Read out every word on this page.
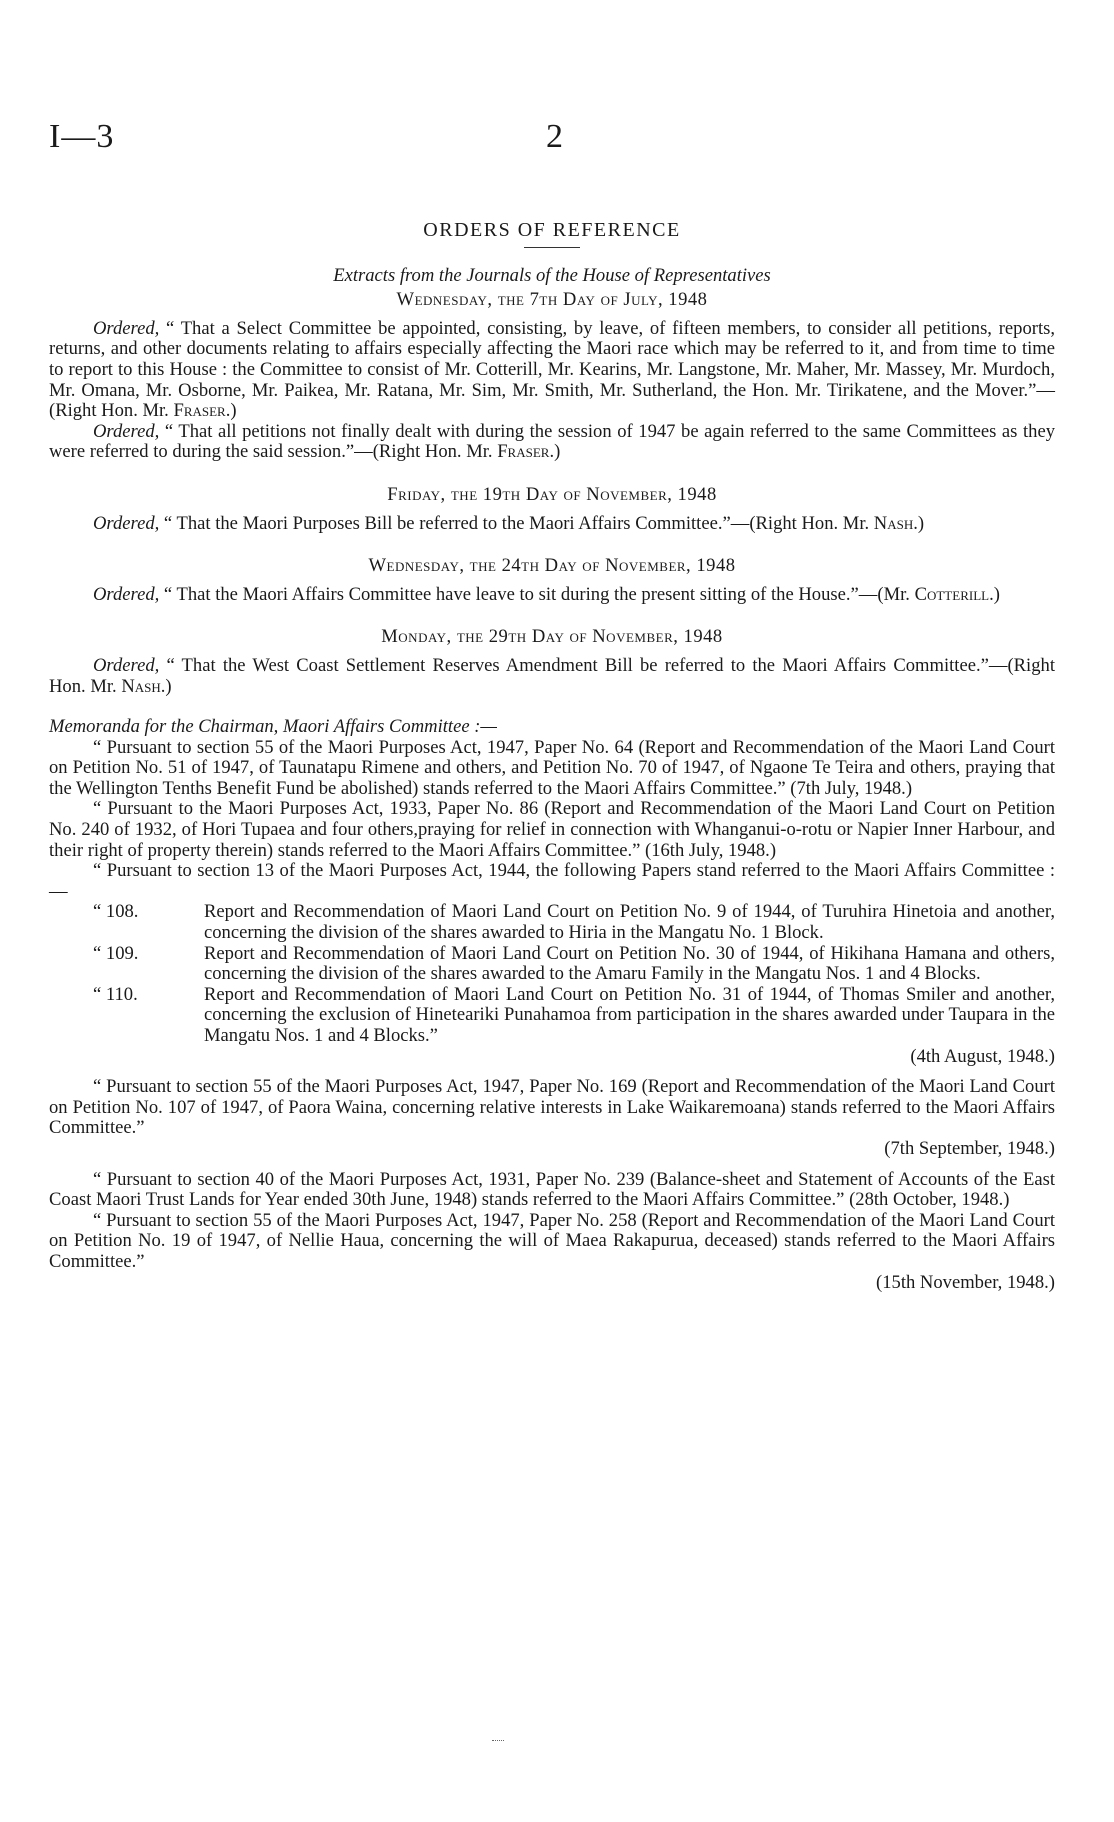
I—3	2
ORDERS OF REFERENCE
Extracts from the Journals of the House of Representatives
Wednesday, the 7th Day of July, 1948

Ordered, “ That a Select Committee be appointed, consisting, by leave, of fifteen members, to consider all petitions, reports, returns, and other documents relating to affairs especially affecting the Maori race which may be referred to it, and from time to time to report to this House : the Committee to consist of Mr. Cotterill, Mr. Kearins, Mr. Langstone, Mr. Maher, Mr. Massey, Mr. Murdoch, Mr. Omana, Mr. Osborne, Mr. Paikea, Mr. Ratana, Mr. Sim, Mr. Smith, Mr. Sutherland, the Hon. Mr. Tirikatene, and the Mover.”—(Right Hon. Mr. Fraser.)

Ordered, “ That all petitions not finally dealt with during the session of 1947 be again referred to the same Committees as they were referred to during the said session.”—(Right Hon. Mr. Fraser.)

Friday, the 19th Day of November, 1948

Ordered, “ That the Maori Purposes Bill be referred to the Maori Affairs Committee.”—(Right Hon. Mr. Nash.)

Wednesday, the 24th Day of November, 1948

Ordered, “ That the Maori Affairs Committee have leave to sit during the present sitting of the House.”—(Mr. Cotterill.)

Monday, the 29th Day of November, 1948

Ordered, “ That the West Coast Settlement Reserves Amendment Bill be referred to the Maori Affairs Committee.”—(Right Hon. Mr. Nash.)

Memoranda for the Chairman, Maori Affairs Committee :—

“ Pursuant to section 55 of the Maori Purposes Act, 1947, Paper No. 64 (Report and Recommendation of the Maori Land Court on Petition No. 51 of 1947, of Taunatapu Rimene and others, and Petition No. 70 of 1947, of Ngaone Te Teira and others, praying that the Wellington Tenths Benefit Fund be abolished) stands referred to the Maori Affairs Committee.” (7th July, 1948.)

“ Pursuant to the Maori Purposes Act, 1933, Paper No. 86 (Report and Recommendation of the Maori Land Court on Petition No. 240 of 1932, of Hori Tupaea and four others,praying for relief in connection with Whanganui-o-rotu or Napier Inner Harbour, and their right of property therein) stands referred to the Maori Affairs Committee.” (16th July, 1948.)

“ Pursuant to section 13 of the Maori Purposes Act, 1944, the following Papers stand referred to the Maori Affairs Committee :—

“ 108.	Report and Recommendation of Maori Land Court on Petition No. 9 of 1944, of Turuhira Hinetoia and another, concerning the division of the shares awarded to Hiria in the Mangatu No. 1 Block.
“ 109.	Report and Recommendation of Maori Land Court on Petition No. 30 of 1944, of Hikihana Hamana and others, concerning the division of the shares awarded to the Amaru Family in the Mangatu Nos. 1 and 4 Blocks.
“ 110.	Report and Recommendation of Maori Land Court on Petition No. 31 of 1944, of Thomas Smiler and another, concerning the exclusion of Hineteariki Punahamoa from participation in the shares awarded under Taupara in the Mangatu Nos. 1 and 4 Blocks.”
(4th August, 1948.)

“ Pursuant to section 55 of the Maori Purposes Act, 1947, Paper No. 169 (Report and Recommendation of the Maori Land Court on Petition No. 107 of 1947, of Paora Waina, concerning relative interests in Lake Waikaremoana) stands referred to the Maori Affairs Committee.”

(7th September, 1948.)

“ Pursuant to section 40 of the Maori Purposes Act, 1931, Paper No. 239 (Balance-sheet and Statement of Accounts of the East Coast Maori Trust Lands for Year ended 30th June, 1948) stands referred to the Maori Affairs Committee.” (28th October, 1948.)

“ Pursuant to section 55 of the Maori Purposes Act, 1947, Paper No. 258 (Report and Recommendation of the Maori Land Court on Petition No. 19 of 1947, of Nellie Haua, concerning the will of Maea Rakapurua, deceased) stands referred to the Maori Affairs Committee.”

(15th November, 1948.)
